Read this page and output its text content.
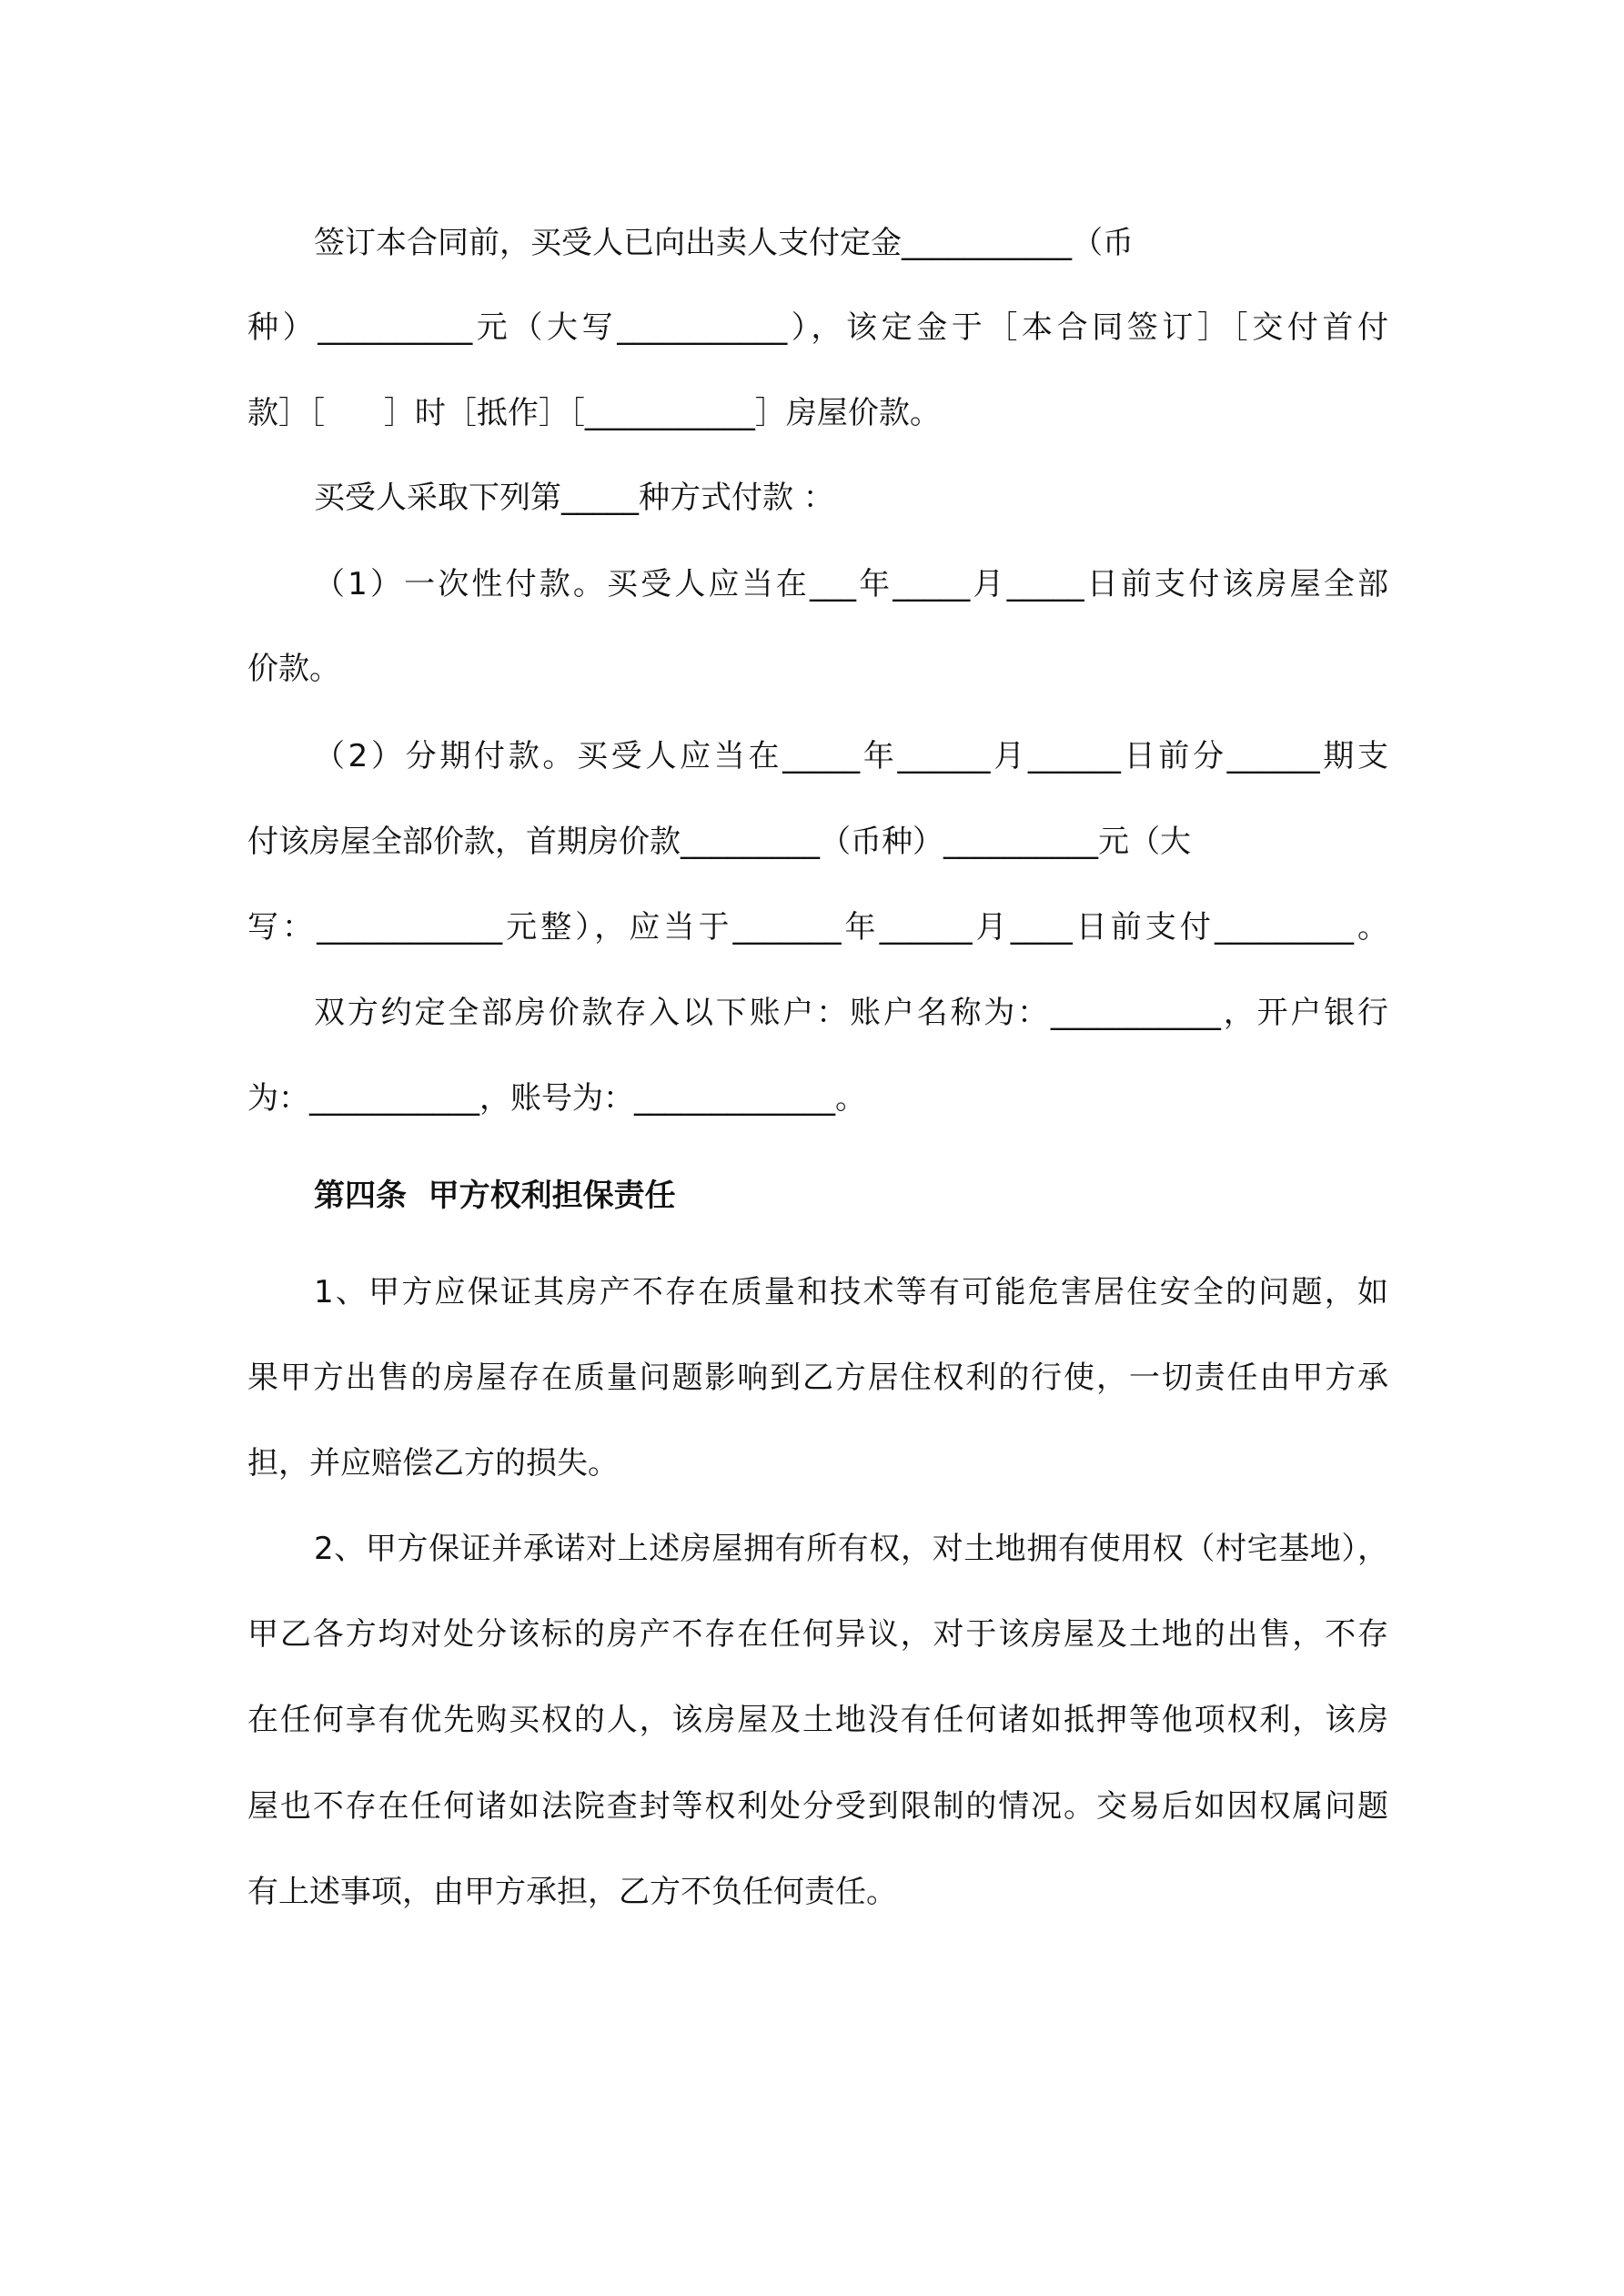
签订本合同前，买受人已向出卖人支付定金___________（币
种）__________元（大写___________），该定金于［本合同签订］［交付首付
款］［      ］时［抵作］［___________］房屋价款。
买受人采取下列第_____种方式付款 ：
（1）一次性付款。买受人应当在___年_____月_____日前支付该房屋全部
价款。
（2）分期付款。买受人应当在_____年______月______日前分______期支
付该房屋全部价款，首期房价款_________（币种）__________元（大
写：____________元整），应当于_______年______月____日前支付_________。
双方约定全部房价款存入以下账户：账户名称为：___________，开户银行
为：___________，账号为：_____________。
第四条  甲方权利担保责任
1、甲方应保证其房产不存在质量和技术等有可能危害居住安全的问题，如
果甲方出售的房屋存在质量问题影响到乙方居住权利的行使，一切责任由甲方承
担，并应赔偿乙方的损失。
2、甲方保证并承诺对上述房屋拥有所有权，对土地拥有使用权（村宅基地），
甲乙各方均对处分该标的房产不存在任何异议，对于该房屋及土地的出售，不存
在任何享有优先购买权的人，该房屋及土地没有任何诸如抵押等他项权利，该房
屋也不存在任何诸如法院查封等权利处分受到限制的情况。交易后如因权属问题
有上述事项，由甲方承担，乙方不负任何责任。
